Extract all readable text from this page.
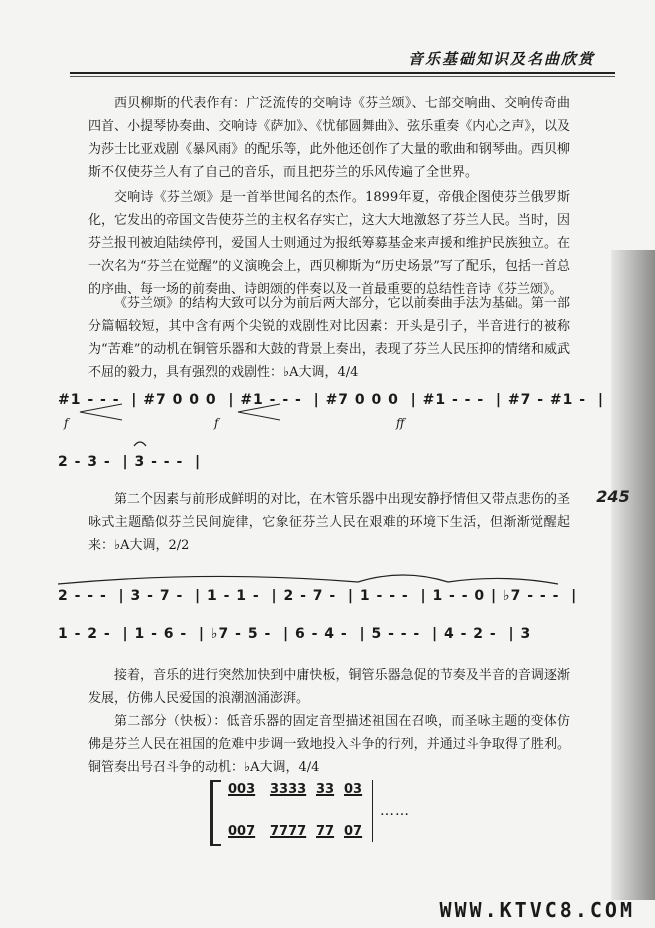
音乐基础知识及名曲欣赏
245

西贝柳斯的代表作有：广泛流传的交响诗《芬兰颂》、七部交响曲、交响传奇曲四首、小提琴协奏曲、交响诗《萨加》、《忧郁圆舞曲》、弦乐重奏《内心之声》，以及为莎士比亚戏剧《暴风雨》的配乐等，此外他还创作了大量的歌曲和钢琴曲。西贝柳斯不仅使芬兰人有了自己的音乐，而且把芬兰的乐风传遍了全世界。

交响诗《芬兰颂》是一首举世闻名的杰作。1899年夏，帝俄企图使芬兰俄罗斯化，它发出的帝国文告使芬兰的主权名存实亡，这大大地激怒了芬兰人民。当时，因芬兰报刊被迫陆续停刊，爱国人士则通过为报纸筹募基金来声援和维护民族独立。在一次名为“芬兰在觉醒”的义演晚会上，西贝柳斯为“历史场景”写了配乐，包括一首总的序曲、每一场的前奏曲、诗朗颂的伴奏以及一首最重要的总结性音诗《芬兰颂》。

《芬兰颂》的结构大致可以分为前后两大部分，它以前奏曲手法为基础。第一部分篇幅较短，其中含有两个尖锐的戏剧性对比因素：开头是引子，半音进行的被称为“苦难”的动机在铜管乐器和大鼓的背景上奏出，表现了芬兰人民压抑的情绪和威武不屈的毅力，具有强烈的戏剧性：♭A大调，4/4

#1 - - -  | #7 0 0 0  | #1 - - -  | #7 0 0 0  | #1 - - -  | #7 - #1 -  |
f	f	ff
2 - 3 -  | 3 - - -  |

第二个因素与前形成鲜明的对比，在木管乐器中出现安静抒情但又带点悲伤的圣咏式主题酷似芬兰民间旋律，它象征芬兰人民在艰难的环境下生活，但渐渐觉醒起来：♭A大调，2/2

2 - - -  | 3 - 7 -  | 1 - 1 -  | 2 - 7 -  | 1 - - -  | 1 - - 0 | ♭7 - - -  |
1 - 2 -  | 1 - 6 -  | ♭7 - 5 -  | 6 - 4 -  | 5 - - -  | 4 - 2 -  | 3

接着，音乐的进行突然加快到中庸快板，铜管乐器急促的节奏及半音的音调逐渐发展，仿佛人民爱国的浪潮汹涌澎湃。

第二部分（快板）：低音乐器的固定音型描述祖国在召唤，而圣咏主题的变体仿佛是芬兰人民在祖国的危难中步调一致地投入斗争的行列，并通过斗争取得了胜利。铜管奏出号召斗争的动机：♭A大调，4/4

003 3333 33 03
007 7777 77 07
……
WWW.KTVC8.COM
